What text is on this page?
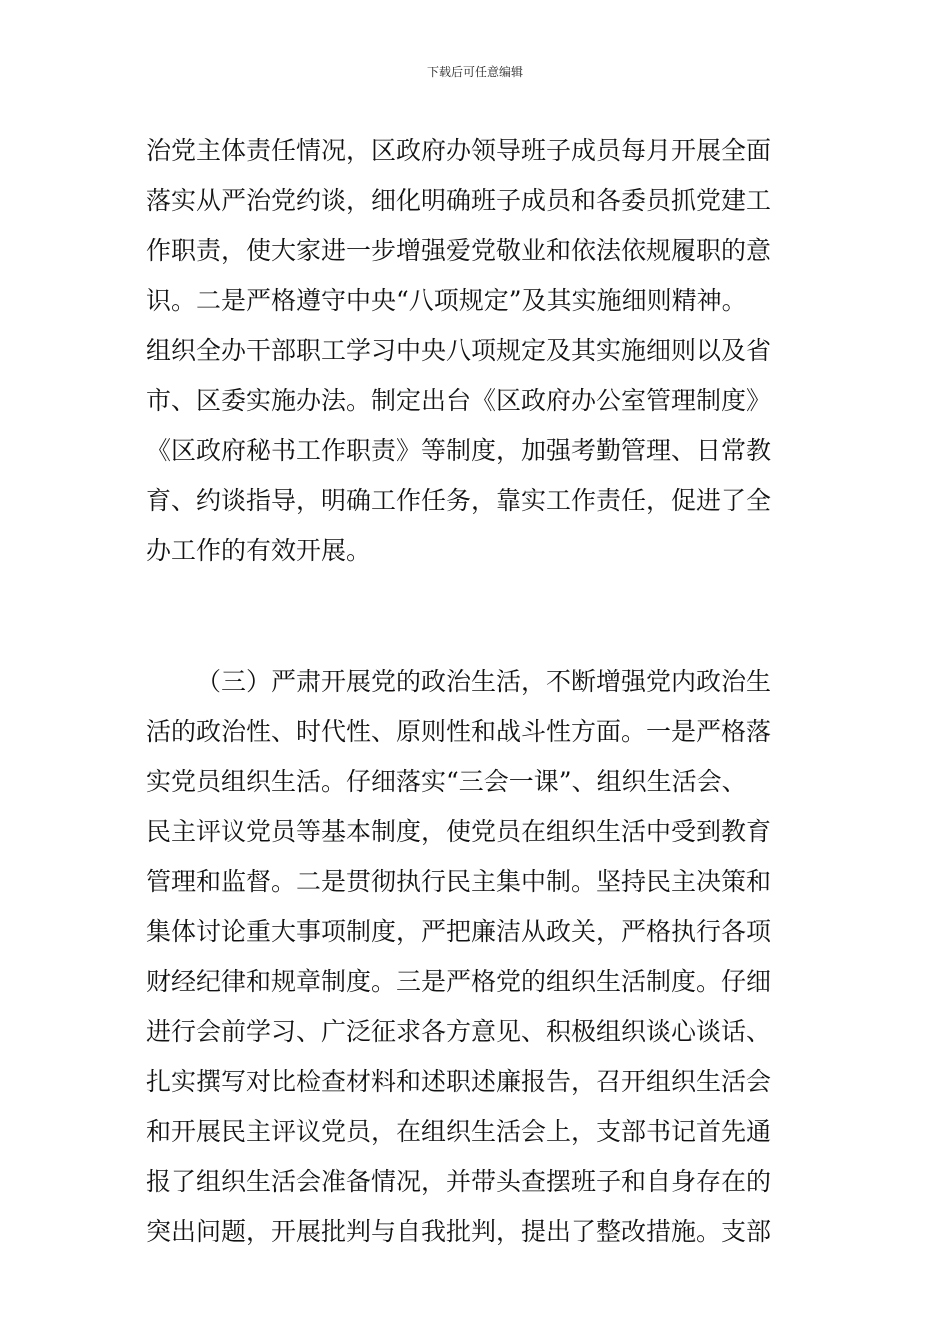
下载后可任意编辑
治党主体责任情况，区政府办领导班子成员每月开展全面
落实从严治党约谈，细化明确班子成员和各委员抓党建工
作职责，使大家进一步增强爱党敬业和依法依规履职的意
识。二是严格遵守中央“八项规定”及其实施细则精神。
组织全办干部职工学习中央八项规定及其实施细则以及省
市、区委实施办法。制定出台《区政府办公室管理制度》
《区政府秘书工作职责》等制度，加强考勤管理、日常教
育、约谈指导，明确工作任务，靠实工作责任，促进了全
办工作的有效开展。
（三）严肃开展党的政治生活，不断增强党内政治生
活的政治性、时代性、原则性和战斗性方面。一是严格落
实党员组织生活。仔细落实“三会一课”、组织生活会、
民主评议党员等基本制度，使党员在组织生活中受到教育
管理和监督。二是贯彻执行民主集中制。坚持民主决策和
集体讨论重大事项制度，严把廉洁从政关，严格执行各项
财经纪律和规章制度。三是严格党的组织生活制度。仔细
进行会前学习、广泛征求各方意见、积极组织谈心谈话、
扎实撰写对比检查材料和述职述廉报告，召开组织生活会
和开展民主评议党员，在组织生活会上，支部书记首先通
报了组织生活会准备情况，并带头查摆班子和自身存在的
突出问题，开展批判与自我批判，提出了整改措施。支部
